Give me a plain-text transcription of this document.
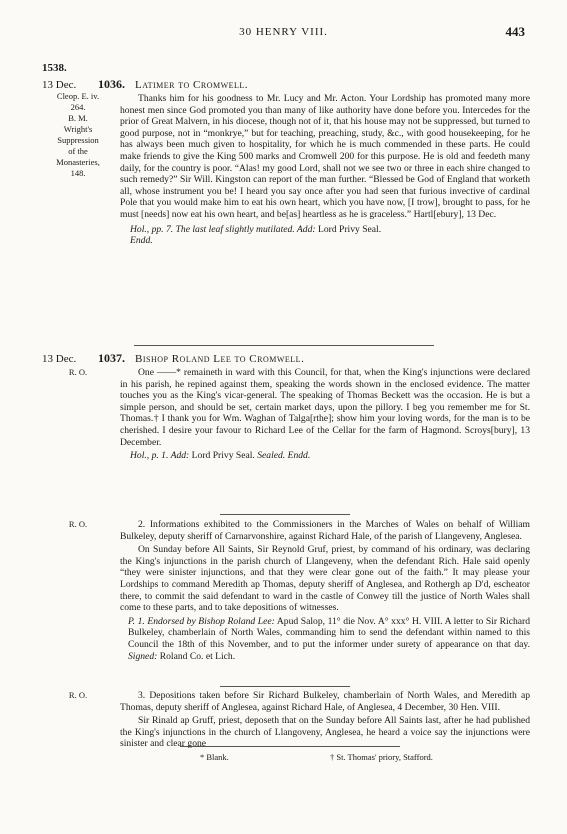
30 HENRY VIII.	443
1538.
13 Dec. 1036. Latimer to Cromwell.
Cleop. E. iv.
264.
B. M.
Wright's
Suppression
of the
Monasteries,
148.

Thanks him for his goodness to Mr. Lucy and Mr. Acton. Your Lordship has promoted many more honest men since God promoted you than many of like authority have done before you. Intercedes for the prior of Great Malvern, in his diocese, though not of it, that his house may not be suppressed, but turned to good purpose, not in “monkrye,” but for teaching, preaching, study, &c., with good housekeeping, for he has always been much given to hospitality, for which he is much commended in these parts. He could make friends to give the King 500 marks and Cromwell 200 for this purpose. He is old and feedeth many daily, for the country is poor. “Alas! my good Lord, shall not we see two or three in each shire changed to such remedy?” Sir Will. Kingston can report of the man further. “Blessed be God of England that worketh all, whose instrument you be! I heard you say once after you had seen that furious invective of cardinal Pole that you would make him to eat his own heart, which you have now, [I trow], brought to pass, for he must [needs] now eat his own heart, and be[as] heartless as he is graceless.” Hartl[ebury], 13 Dec.

Hol., pp. 7. The last leaf slightly mutilated. Add: Lord Privy Seal.

Endd.

13 Dec. 1037. Bishop Roland Lee to Cromwell.
R. O.	One ——* remaineth in ward with this Council, for that, when the King's injunctions were declared in his parish, he repined against them, speaking the words shown in the enclosed evidence. The matter touches you as the King's vicar-general. The speaking of Thomas Beckett was the occasion. He is but a simple person, and should be set, certain market days, upon the pillory. I beg you remember me for St. Thomas.† I thank you for Wm. Waghan of Talga[rthe]; show him your loving words, for the man is to be cherished. I desire your favour to Richard Lee of the Cellar for the farm of Hagmond. Scroys[bury], 13 December.

Hol., p. 1. Add: Lord Privy Seal. Sealed. Endd.

R. O.	2. Informations exhibited to the Commissioners in the Marches of Wales on behalf of William Bulkeley, deputy sheriff of Carnarvonshire, against Richard Hale, of the parish of Llangeveny, Anglesea.

On Sunday before All Saints, Sir Reynold Gruf, priest, by command of his ordinary, was declaring the King's injunctions in the parish church of Llangeveny, when the defendant Rich. Hale said openly “they were sinister injunctions, and that they were clear gone out of the faith.” It may please your Lordships to command Meredith ap Thomas, deputy sheriff of Anglesea, and Rothergh ap D'd, escheator there, to commit the said defendant to ward in the castle of Conwey till the justice of North Wales shall come to these parts, and to take depositions of witnesses.

P. 1. Endorsed by Bishop Roland Lee: Apud Salop, 11° die Nov. A° xxx° H. VIII. A letter to Sir Richard Bulkeley, chamberlain of North Wales, commanding him to send the defendant within named to this Council the 18th of this November, and to put the informer under surety of appearance on that day. Signed: Roland Co. et Lich.

R. O.	3. Depositions taken before Sir Richard Bulkeley, chamberlain of North Wales, and Meredith ap Thomas, deputy sheriff of Anglesea, against Richard Hale, of Anglesea, 4 December, 30 Hen. VIII.

Sir Rinald ap Gruff, priest, deposeth that on the Sunday before All Saints last, after he had published the King's injunctions in the church of Llangoveny, Anglesea, he heard a voice say the injunctions were sinister and clear gone

* Blank.	† St. Thomas' priory, Stafford.
